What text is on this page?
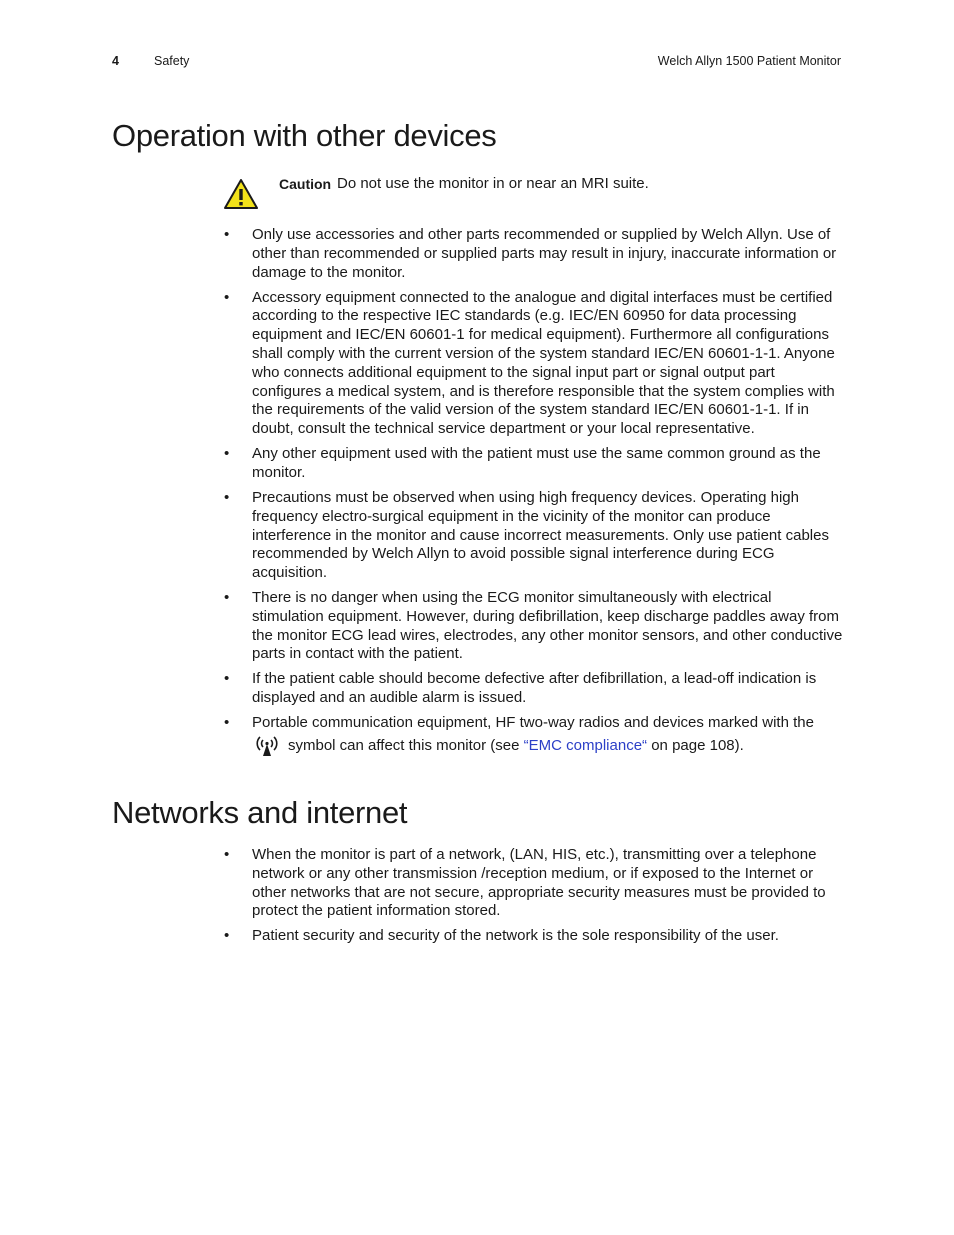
4	Safety	Welch Allyn 1500 Patient Monitor
Operation with other devices
Caution Do not use the monitor in or near an MRI suite.
• Only use accessories and other parts recommended or supplied by Welch Allyn. Use of other than recommended or supplied parts may result in injury, inaccurate information or damage to the monitor.
• Accessory equipment connected to the analogue and digital interfaces must be certified according to the respective IEC standards (e.g. IEC/EN 60950 for data processing equipment and IEC/EN 60601-1 for medical equipment). Furthermore all configurations shall comply with the current version of the system standard IEC/EN 60601-1-1. Anyone who connects additional equipment to the signal input part or signal output part configures a medical system, and is therefore responsible that the system complies with the requirements of the valid version of the system standard IEC/EN 60601-1-1. If in doubt, consult the technical service department or your local representative.
• Any other equipment used with the patient must use the same common ground as the monitor.
• Precautions must be observed when using high frequency devices. Operating high frequency electro-surgical equipment in the vicinity of the monitor can produce interference in the monitor and cause incorrect measurements. Only use patient cables recommended by Welch Allyn to avoid possible signal interference during ECG acquisition.
• There is no danger when using the ECG monitor simultaneously with electrical stimulation equipment. However, during defibrillation, keep discharge paddles away from the monitor ECG lead wires, electrodes, any other monitor sensors, and other conductive parts in contact with the patient.
• If the patient cable should become defective after defibrillation, a lead-off indication is displayed and an audible alarm is issued.
• Portable communication equipment, HF two-way radios and devices marked with the
symbol can affect this monitor (see “EMC compliance“ on page 108).
Networks and internet
• When the monitor is part of a network, (LAN, HIS, etc.), transmitting over a telephone network or any other transmission /reception medium, or if exposed to the Internet or other networks that are not secure, appropriate security measures must be provided to protect the patient information stored.
• Patient security and security of the network is the sole responsibility of the user.
